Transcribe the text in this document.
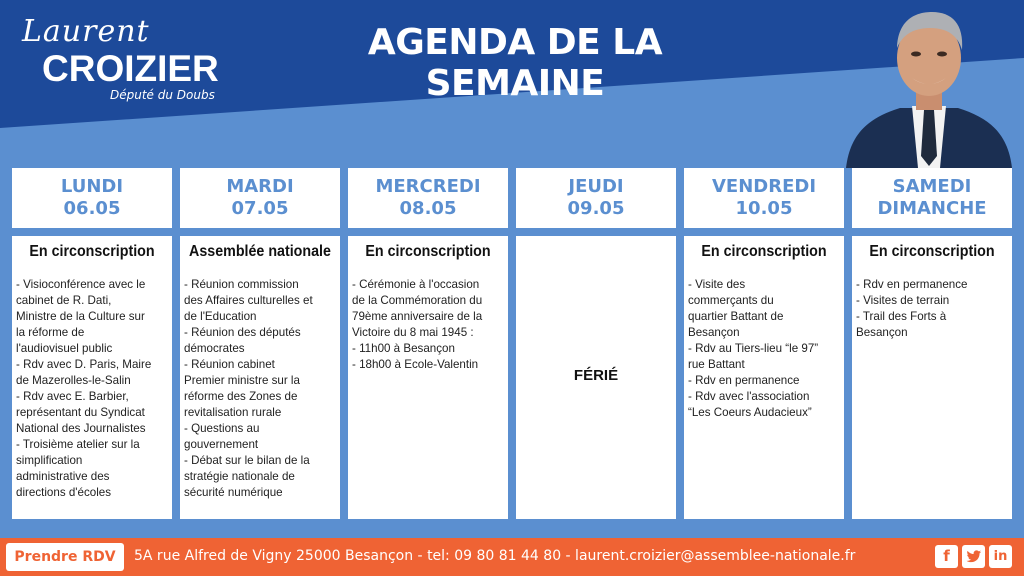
Laurent
CROIZIER
Député du Doubs
AGENDA DE LA SEMAINE
LUNDI
06.05
En circonscription
- Visioconférence avec le
cabinet de R. Dati,
Ministre de la Culture sur
la réforme de
l'audiovisuel public
- Rdv avec D. Paris, Maire
de Mazerolles-le-Salin
- Rdv avec E. Barbier,
représentant du Syndicat
National des Journalistes
- Troisième atelier sur la
simplification
administrative des
directions d'écoles
MARDI
07.05
Assemblée nationale
- Réunion commission
des Affaires culturelles et
de l'Education
- Réunion des députés
démocrates
- Réunion cabinet
Premier ministre sur la
réforme des Zones de
revitalisation rurale
- Questions au
gouvernement
- Débat sur le bilan de la
stratégie nationale de
sécurité numérique
MERCREDI
08.05
En circonscription
- Cérémonie à l'occasion
de la Commémoration du
79ème anniversaire de la
Victoire du 8 mai 1945 :
- 11h00 à Besançon
- 18h00 à Ecole-Valentin
JEUDI
09.05
FÉRIÉ
VENDREDI
10.05
En circonscription
- Visite des
commerçants du
quartier Battant de
Besançon
- Rdv au Tiers-lieu “le 97”
rue Battant
- Rdv en permanence
- Rdv avec l'association
“Les Coeurs Audacieux”
SAMEDI
DIMANCHE
En circonscription
- Rdv en permanence
- Visites de terrain
- Trail des Forts à
Besançon
Prendre RDV	5A rue Alfred de Vigny 25000 Besançon - tel: 09 80 81 44 80 - laurent.croizier@assemblee-nationale.fr	f	in
